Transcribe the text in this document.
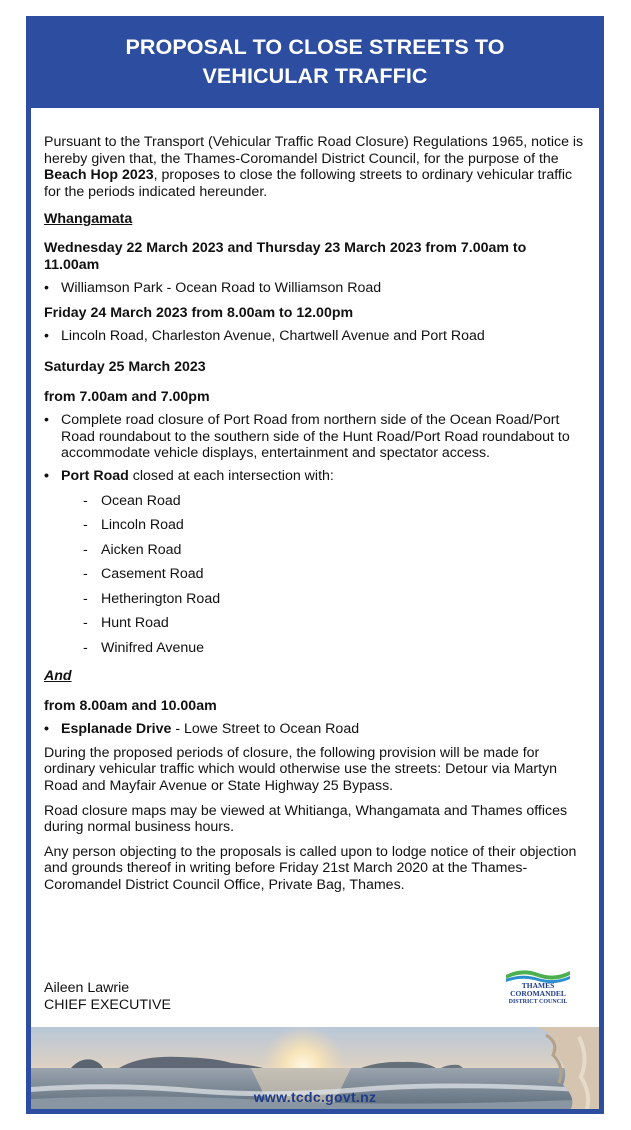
PROPOSAL TO CLOSE STREETS TO
VEHICULAR TRAFFIC

Pursuant to the Transport (Vehicular Traffic Road Closure) Regulations 1965, notice is hereby given that, the Thames-Coromandel District Council, for the purpose of the Beach Hop 2023, proposes to close the following streets to ordinary vehicular traffic for the periods indicated hereunder.

Whangamata

Wednesday 22 March 2023 and Thursday 23 March 2023 from 7.00am to 11.00am

• Williamson Park - Ocean Road to Williamson Road

Friday 24 March 2023 from 8.00am to 12.00pm

• Lincoln Road, Charleston Avenue, Chartwell Avenue and Port Road

Saturday 25 March 2023

from 7.00am and 7.00pm

• Complete road closure of Port Road from northern side of the Ocean Road/Port Road roundabout to the southern side of the Hunt Road/Port Road roundabout to accommodate vehicle displays, entertainment and spectator access.
• Port Road closed at each intersection with:
- Ocean Road
- Lincoln Road
- Aicken Road
- Casement Road
- Hetherington Road
- Hunt Road
- Winifred Avenue

And

from 8.00am and 10.00am

• Esplanade Drive - Lowe Street to Ocean Road

During the proposed periods of closure, the following provision will be made for ordinary vehicular traffic which would otherwise use the streets: Detour via Martyn Road and Mayfair Avenue or State Highway 25 Bypass.

Road closure maps may be viewed at Whitianga, Whangamata and Thames offices during normal business hours.

Any person objecting to the proposals is called upon to lodge notice of their objection and grounds thereof in writing before Friday 21st March 2020 at the Thames-Coromandel District Council Office, Private Bag, Thames.

Aileen Lawrie

CHIEF EXECUTIVE

THAMES
COROMANDEL
DISTRICT COUNCIL
www.tcdc.govt.nz
